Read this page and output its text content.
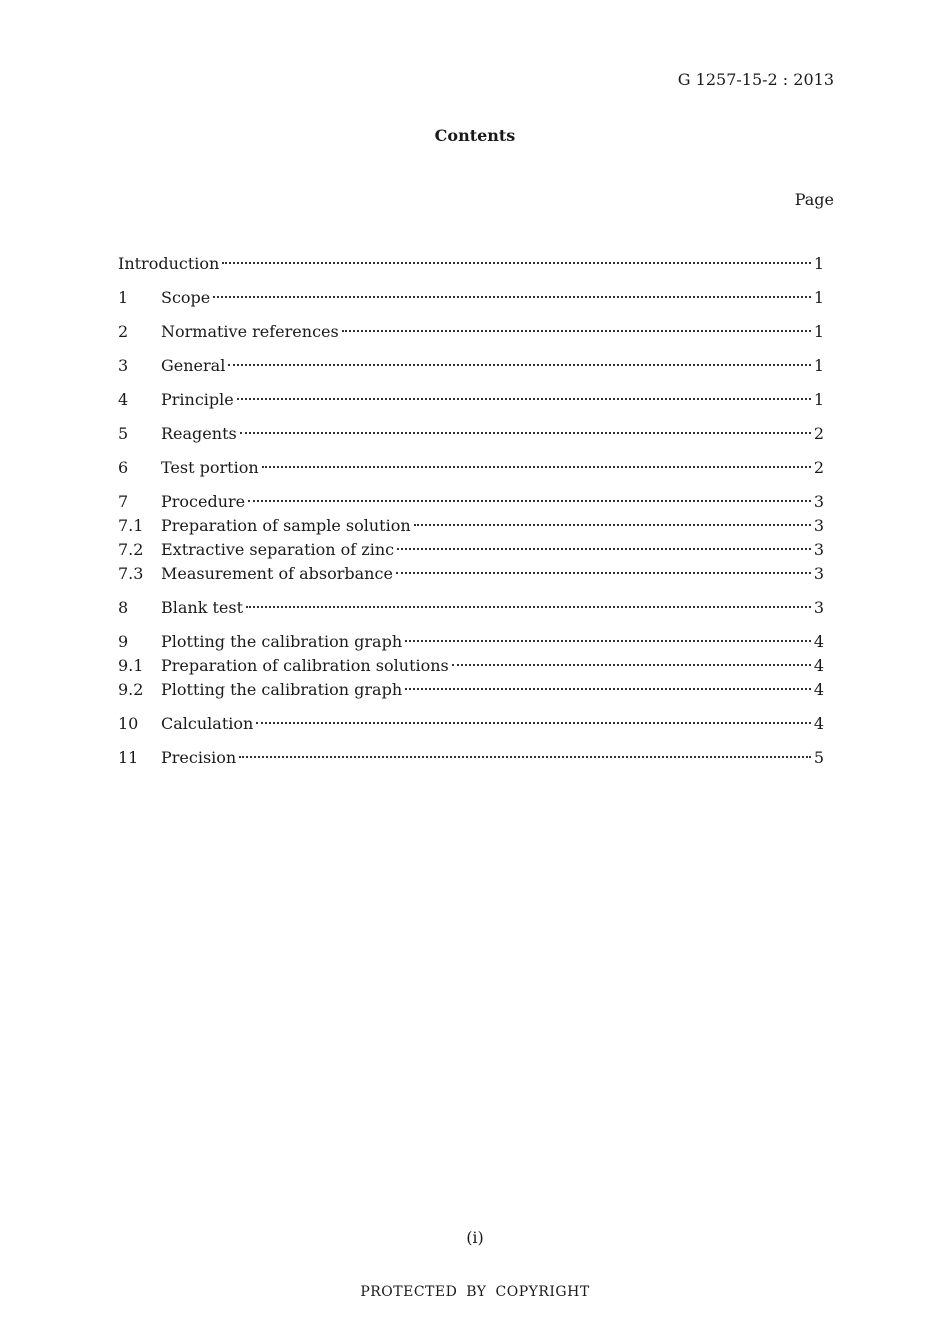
G 1257-15-2 : 2013
Contents
Page
Introduction	1
1	Scope	1
2	Normative references	1
3	General	1
4	Principle	1
5	Reagents	2
6	Test portion	2
7	Procedure	3
7.1	Preparation of sample solution	3
7.2	Extractive separation of zinc	3
7.3	Measurement of absorbance	3
8	Blank test	3
9	Plotting the calibration graph	4
9.1	Preparation of calibration solutions	4
9.2	Plotting the calibration graph	4
10	Calculation	4
11	Precision	5
(i)
PROTECTED BY COPYRIGHT
